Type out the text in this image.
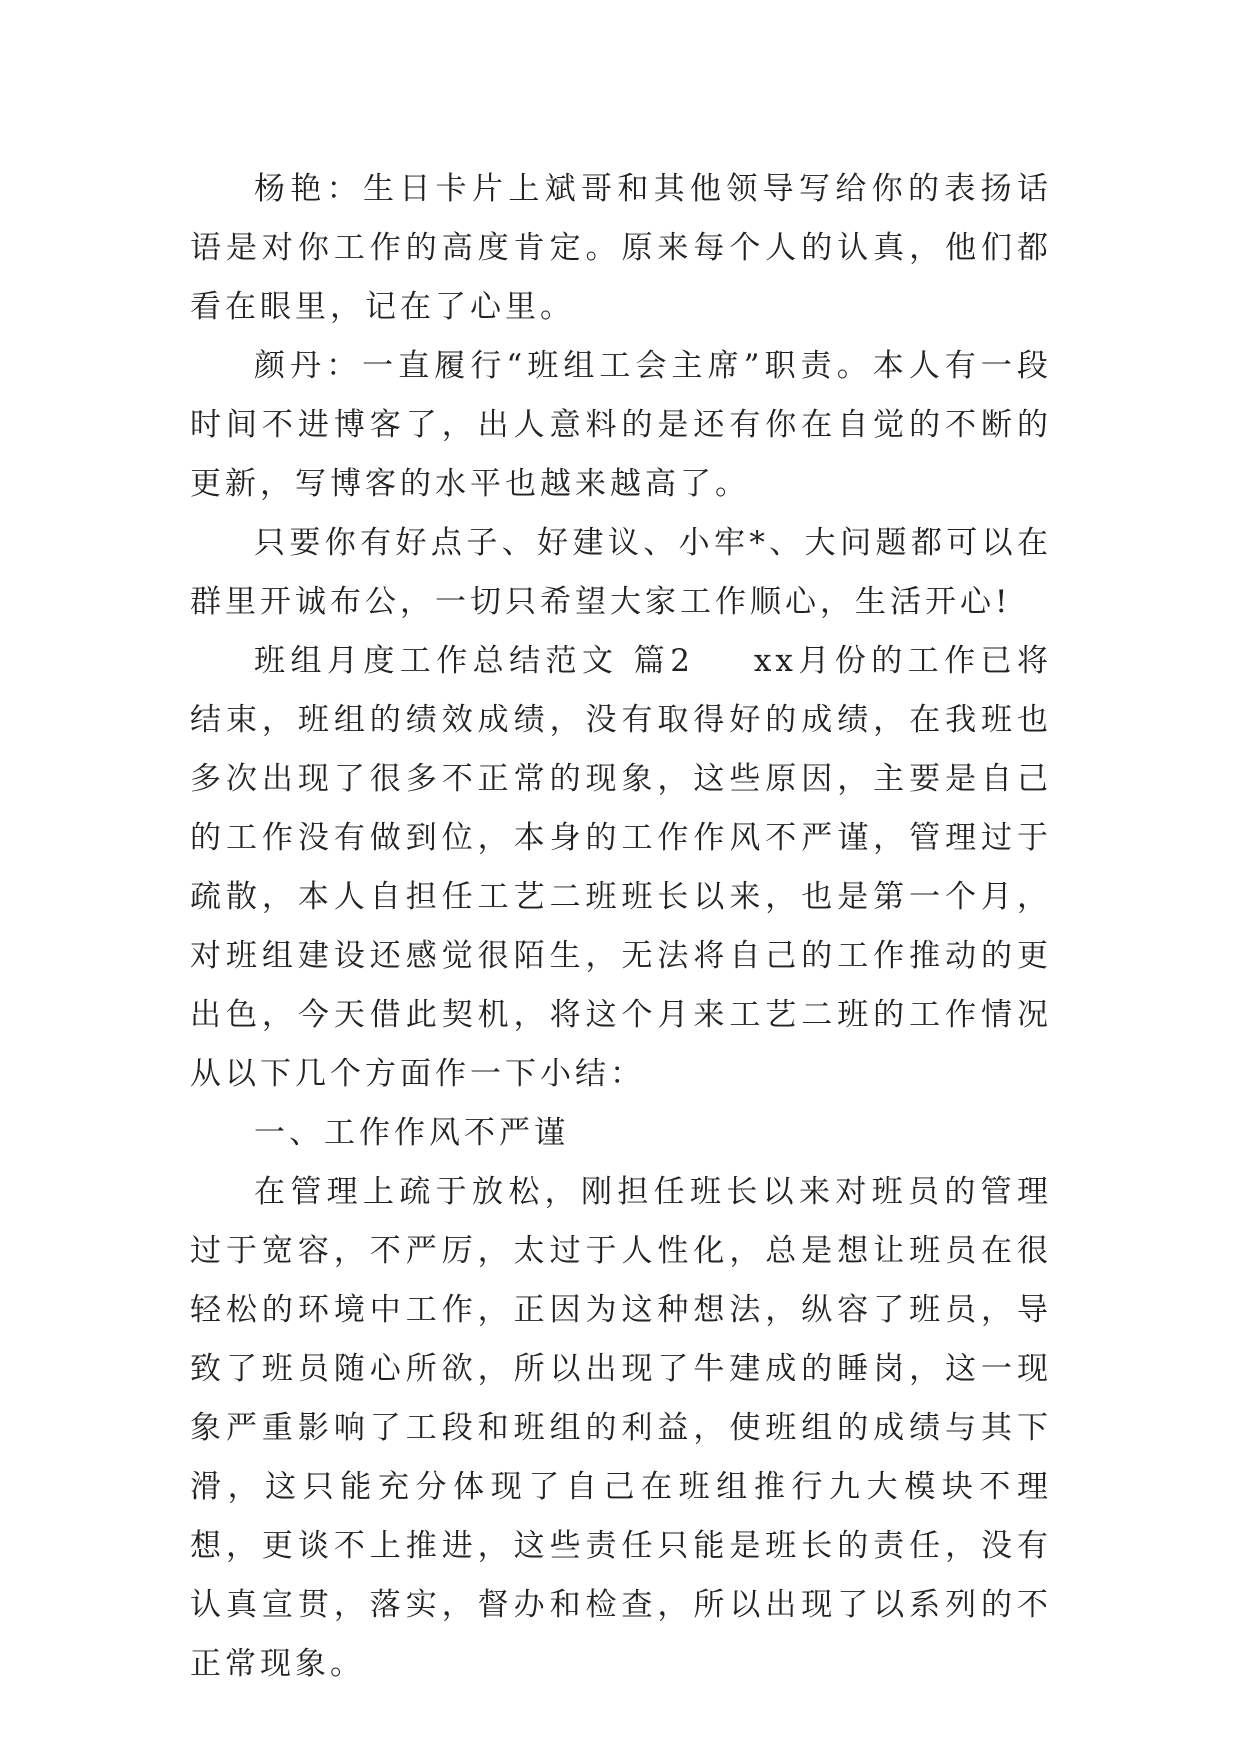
杨艳：生日卡片上斌哥和其他领导写给你的表扬话语是对你工作的高度肯定。原来每个人的认真，他们都看在眼里，记在了心里。

颜丹：一直履行“班组工会主席”职责。本人有一段时间不进博客了，出人意料的是还有你在自觉的不断的更新，写博客的水平也越来越高了。

只要你有好点子、好建议、小牢*、大问题都可以在群里开诚布公，一切只希望大家工作顺心，生活开心!

班组月度工作总结范文 篇2 xx月份的工作已将结束，班组的绩效成绩，没有取得好的成绩，在我班也多次出现了很多不正常的现象，这些原因，主要是自己的工作没有做到位，本身的工作作风不严谨，管理过于疏散，本人自担任工艺二班班长以来，也是第一个月，对班组建设还感觉很陌生，无法将自己的工作推动的更出色，今天借此契机，将这个月来工艺二班的工作情况从以下几个方面作一下小结：

一、工作作风不严谨

在管理上疏于放松，刚担任班长以来对班员的管理过于宽容，不严厉，太过于人性化，总是想让班员在很轻松的环境中工作，正因为这种想法，纵容了班员，导致了班员随心所欲，所以出现了牛建成的睡岗，这一现象严重影响了工段和班组的利益，使班组的成绩与其下滑，这只能充分体现了自己在班组推行九大模块不理想，更谈不上推进，这些责任只能是班长的责任，没有认真宣贯，落实，督办和检查，所以出现了以系列的不正常现象。
